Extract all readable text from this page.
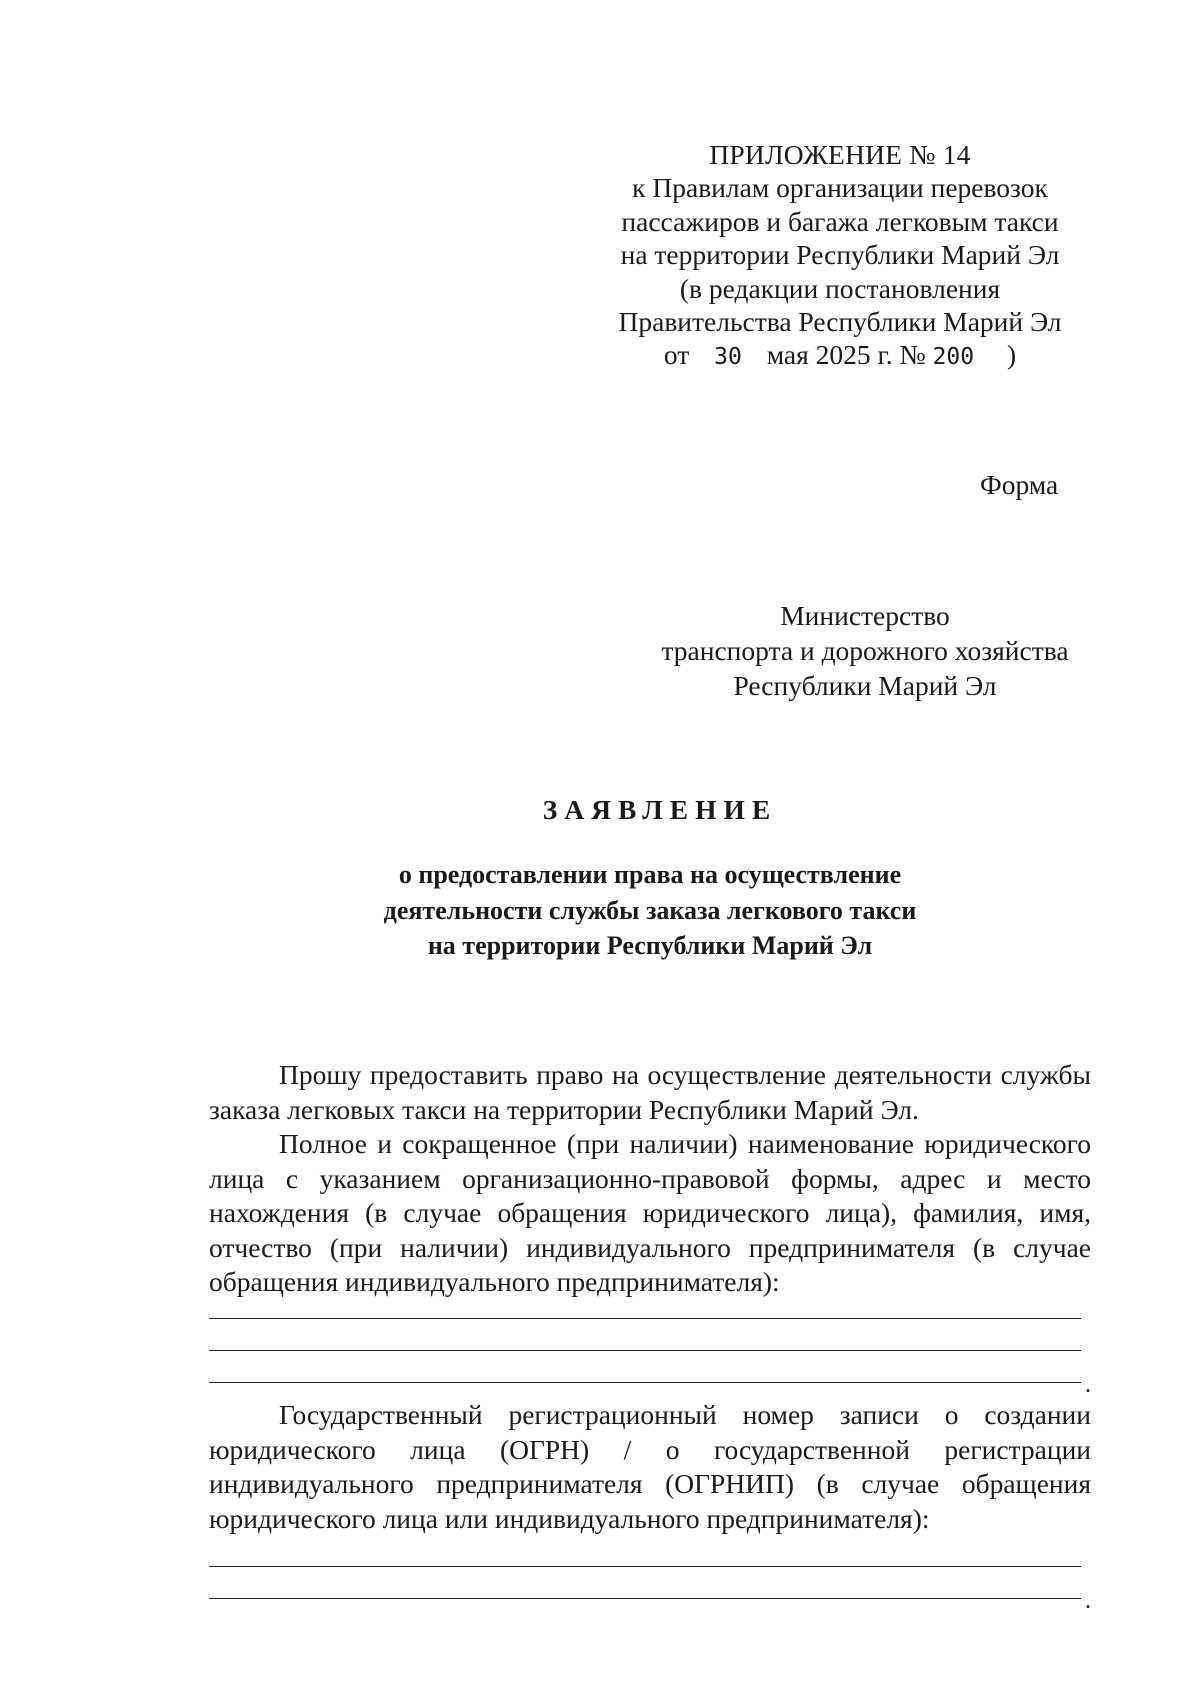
ПРИЛОЖЕНИЕ № 14
к Правилам организации перевозок
пассажиров и багажа легковым такси
на территории Республики Марий Эл
(в редакции постановления
Правительства Республики Марий Эл
от 30 мая 2025 г. № 200 )
Форма
Министерство
транспорта и дорожного хозяйства
Республики Марий Эл
ЗАЯВЛЕНИЕ
о предоставлении права на осуществление
деятельности службы заказа легкового такси
на территории Республики Марий Эл

Прошу предоставить право на осуществление деятельности службы заказа легковых такси на территории Республики Марий Эл.

Полное и сокращенное (при наличии) наименование юридического лица с указанием организационно-правовой формы, адрес и место нахождения (в случае обращения юридического лица), фамилия, имя, отчество (при наличии) индивидуального предпринимателя (в случае обращения индивидуального предпринимателя):

.

Государственный регистрационный номер записи о создании юридического лица (ОГРН) / о государственной регистрации индивидуального предпринимателя (ОГРНИП) (в случае обращения юридического лица или индивидуального предпринимателя):

.
